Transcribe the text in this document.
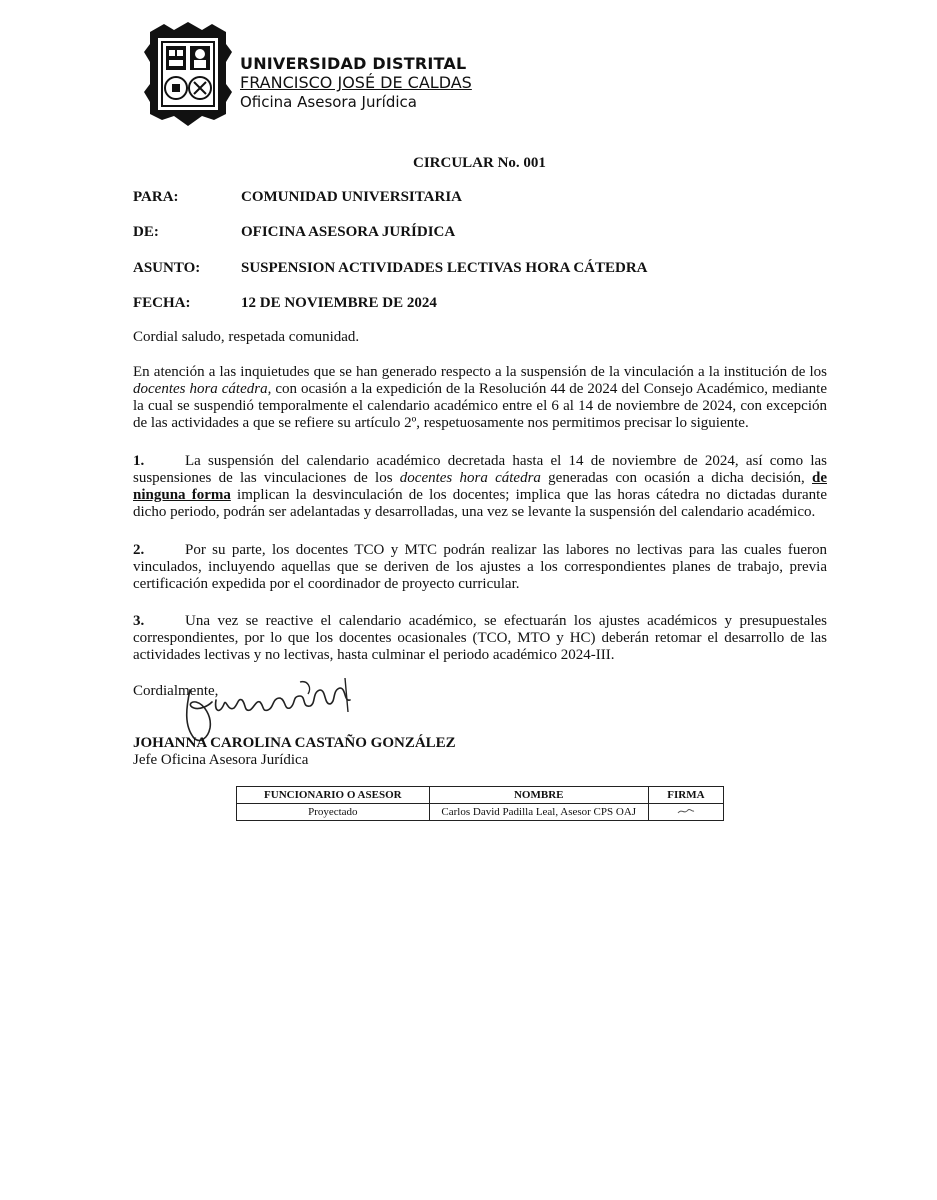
UNIVERSIDAD DISTRITAL
FRANCISCO JOSÉ DE CALDAS
Oficina Asesora Jurídica
CIRCULAR No. 001
PARA:	COMUNIDAD UNIVERSITARIA
DE:	OFICINA ASESORA JURÍDICA
ASUNTO:	SUSPENSION ACTIVIDADES LECTIVAS HORA CÁTEDRA
FECHA:	12 DE NOVIEMBRE DE 2024

Cordial saludo, respetada comunidad.

En atención a las inquietudes que se han generado respecto a la suspensión de la vinculación a la institución de los docentes hora cátedra, con ocasión a la expedición de la Resolución 44 de 2024 del Consejo Académico, mediante la cual se suspendió temporalmente el calendario académico entre el 6 al 14 de noviembre de 2024, con excepción de las actividades a que se refiere su artículo 2º, respetuosamente nos permitimos precisar lo siguiente.

1.	La suspensión del calendario académico decretada hasta el 14 de noviembre de 2024, así como las suspensiones de las vinculaciones de los docentes hora cátedra generadas con ocasión a dicha decisión, de ninguna forma implican la desvinculación de los docentes; implica que las horas cátedra no dictadas durante dicho periodo, podrán ser adelantadas y desarrolladas, una vez se levante la suspensión del calendario académico.

2.	Por su parte, los docentes TCO y MTC podrán realizar las labores no lectivas para las cuales fueron vinculados, incluyendo aquellas que se deriven de los ajustes a los correspondientes planes de trabajo, previa certificación expedida por el coordinador de proyecto curricular.

3.	Una vez se reactive el calendario académico, se efectuarán los ajustes académicos y presupuestales correspondientes, por lo que los docentes ocasionales (TCO, MTO y HC) deberán retomar el desarrollo de las actividades lectivas y no lectivas, hasta culminar el periodo académico 2024-III.

Cordialmente,
JOHANNA CAROLINA CASTAÑO GONZÁLEZ
Jefe Oficina Asesora Jurídica
FUNCIONARIO O ASESOR	NOMBRE	FIRMA
Proyectado	Carlos David Padilla Leal, Asesor CPS OAJ	
